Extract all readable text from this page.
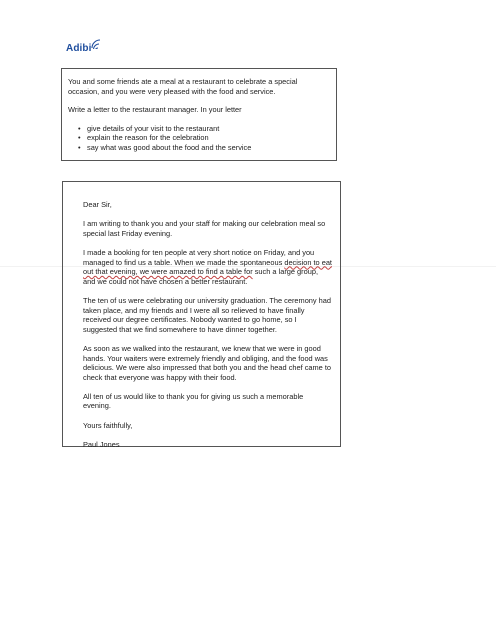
Adibi

You and some friends ate a meal at a restaurant to celebrate a special occasion, and you were very pleased with the food and service.

Write a letter to the restaurant manager. In your letter

• give details of your visit to the restaurant
• explain the reason for the celebration
• say what was good about the food and the service

Dear Sir,

I am writing to thank you and your staff for making our celebration meal so special last Friday evening.

I made a booking for ten people at very short notice on Friday, and you managed to find us a table. When we made the spontaneous decision to eat out that evening, we were amazed to find a table for such a large group, and we could not have chosen a better restaurant.

The ten of us were celebrating our university graduation. The ceremony had taken place, and my friends and I were all so relieved to have finally received our degree certificates. Nobody wanted to go home, so I suggested that we find somewhere to have dinner together.

As soon as we walked into the restaurant, we knew that we were in good hands. Your waiters were extremely friendly and obliging, and the food was delicious. We were also impressed that both you and the head chef came to check that everyone was happy with their food.

All ten of us would like to thank you for giving us such a memorable evening.

Yours faithfully,

Paul Jones
